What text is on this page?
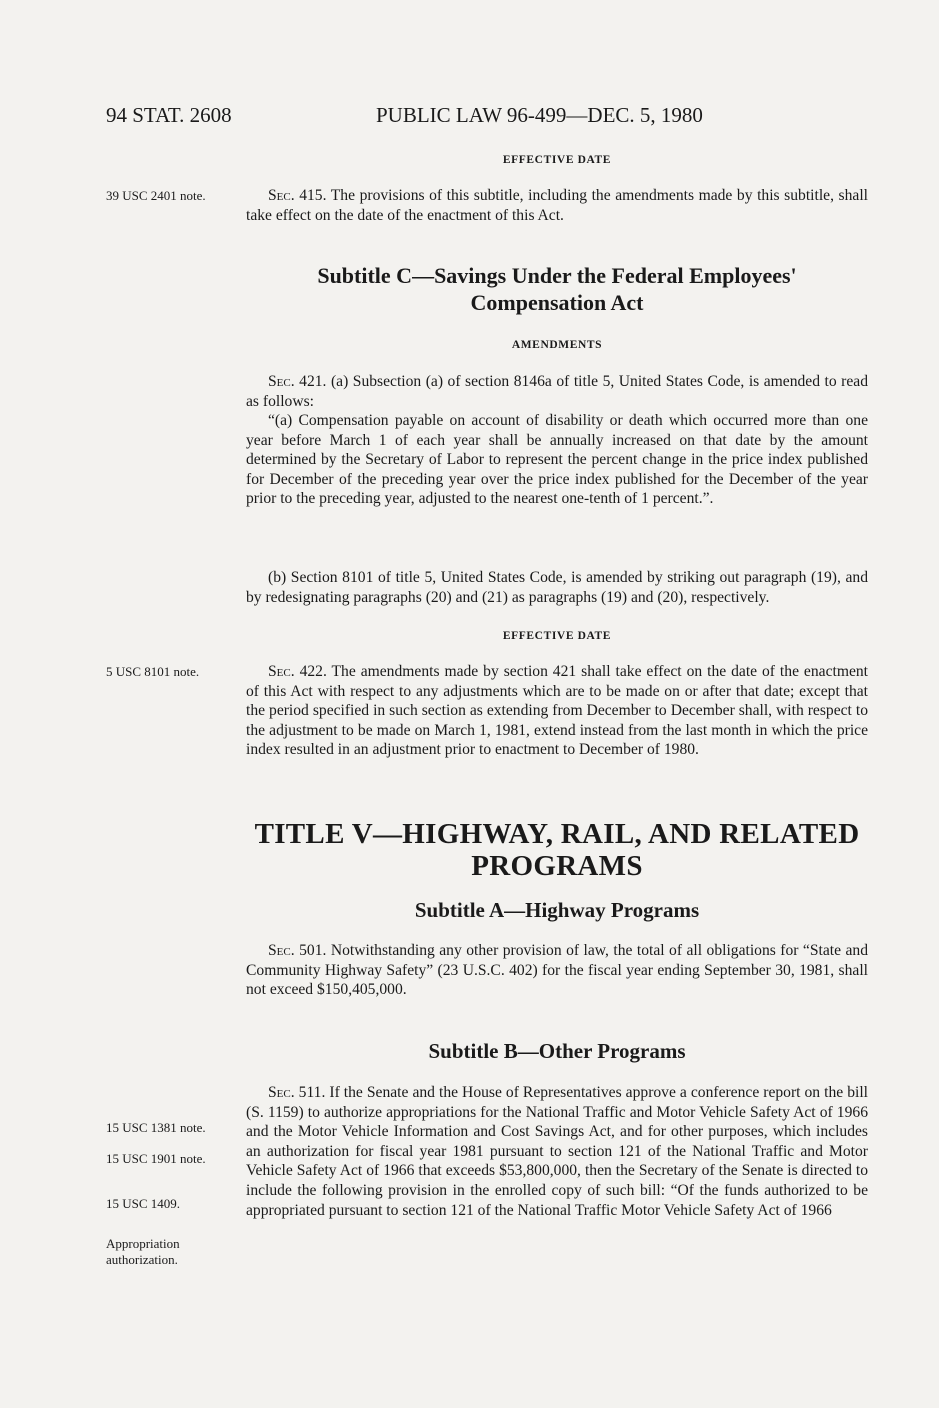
94 STAT. 2608	PUBLIC LAW 96-499—DEC. 5, 1980
EFFECTIVE DATE
39 USC 2401 note.	Sec. 415. The provisions of this subtitle, including the amendments made by this subtitle, shall take effect on the date of the enactment of this Act.

Subtitle C—Savings Under the Federal Employees'
Compensation Act
AMENDMENTS

Sec. 421. (a) Subsection (a) of section 8146a of title 5, United States Code, is amended to read as follows:

“(a) Compensation payable on account of disability or death which occurred more than one year before March 1 of each year shall be annually increased on that date by the amount determined by the Secretary of Labor to represent the percent change in the price index published for December of the preceding year over the price index published for the December of the year prior to the preceding year, adjusted to the nearest one-tenth of 1 percent.”.

(b) Section 8101 of title 5, United States Code, is amended by striking out paragraph (19), and by redesignating paragraphs (20) and (21) as paragraphs (19) and (20), respectively.

EFFECTIVE DATE
5 USC 8101 note.	Sec. 422. The amendments made by section 421 shall take effect on the date of the enactment of this Act with respect to any adjustments which are to be made on or after that date; except that the period specified in such section as extending from December to December shall, with respect to the adjustment to be made on March 1, 1981, extend instead from the last month in which the price index resulted in an adjustment prior to enactment to December of 1980.

TITLE V—HIGHWAY, RAIL, AND RELATED
PROGRAMS
Subtitle A—Highway Programs

Sec. 501. Notwithstanding any other provision of law, the total of all obligations for “State and Community Highway Safety” (23 U.S.C. 402) for the fiscal year ending September 30, 1981, shall not exceed $150,405,000.

Subtitle B—Other Programs

Sec. 511. If the Senate and the House of Representatives approve a conference report on the bill (S. 1159) to authorize appropriations for the National Traffic and Motor Vehicle Safety Act of 1966 and the Motor Vehicle Information and Cost Savings Act, and for other purposes, which includes an authorization for fiscal year 1981 pursuant to section 121 of the National Traffic and Motor Vehicle Safety Act of 1966 that exceeds $53,800,000, then the Secretary of the Senate is directed to include the following provision in the enrolled copy of such bill: “Of the funds authorized to be appropriated pursuant to section 121 of the National Traffic Motor Vehicle Safety Act of 1966

15 USC 1381 note.
15 USC 1901 note.
15 USC 1409.
Appropriation authorization.
